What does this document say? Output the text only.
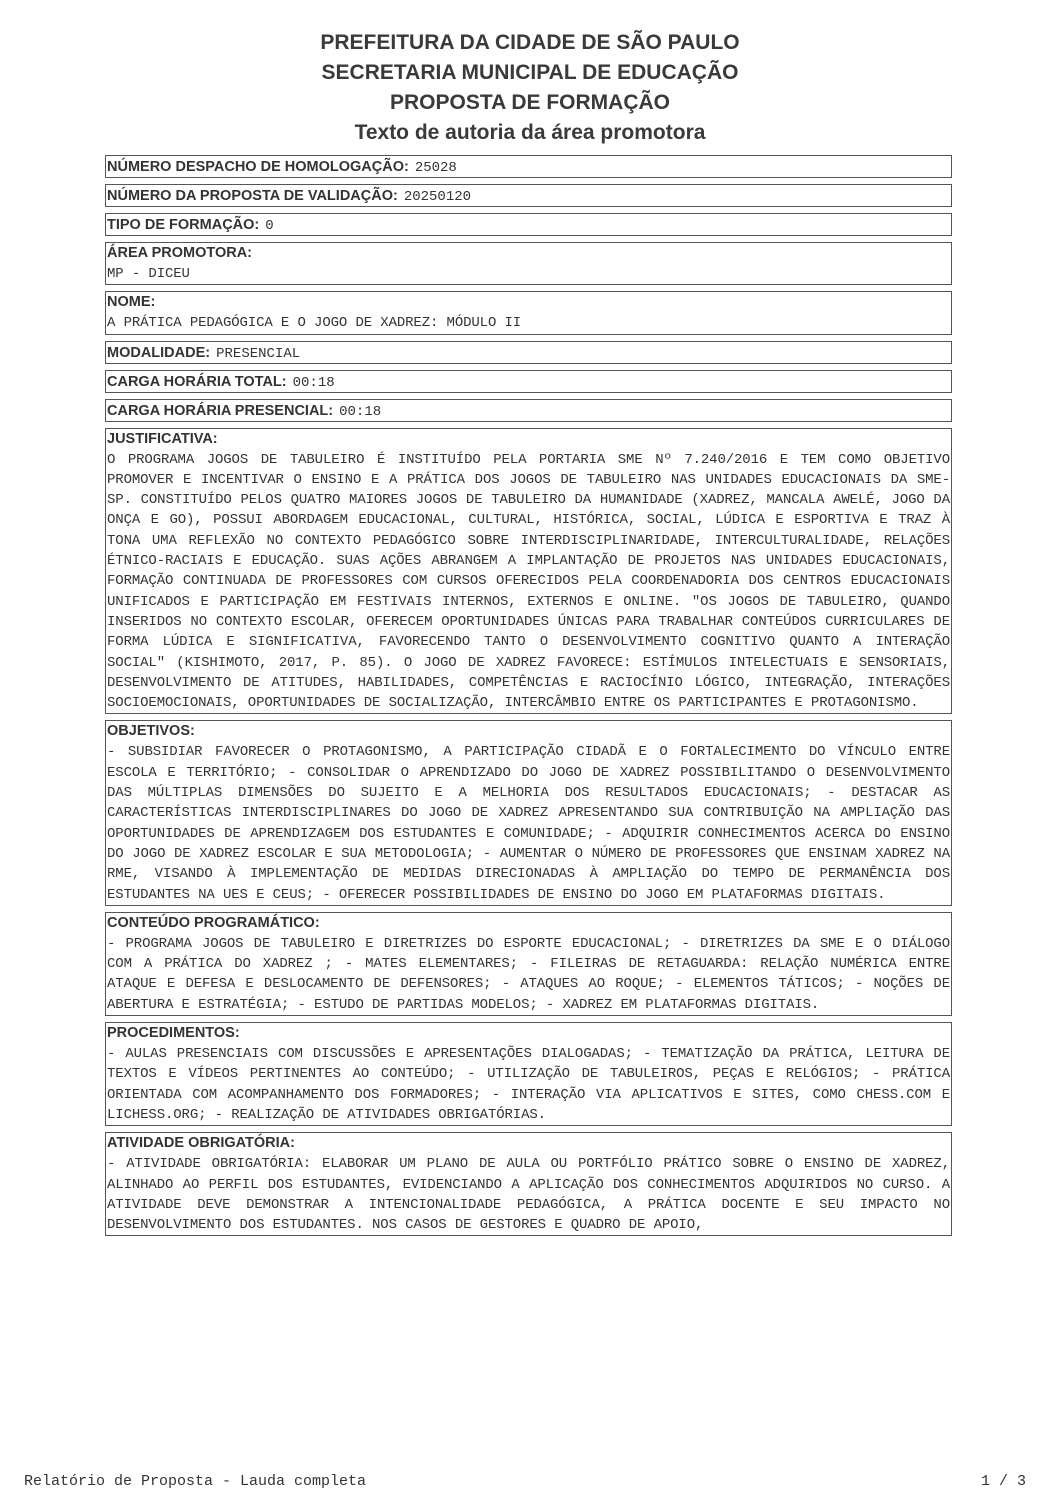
PREFEITURA DA CIDADE DE SÃO PAULO
SECRETARIA MUNICIPAL DE EDUCAÇÃO
PROPOSTA DE FORMAÇÃO
Texto de autoria da área promotora
NÚMERO DESPACHO DE HOMOLOGAÇÃO: 25028
NÚMERO DA PROPOSTA DE VALIDAÇÃO: 20250120
TIPO DE FORMAÇÃO: 0
ÁREA PROMOTORA:
MP - DICEU
NOME:
A PRÁTICA PEDAGÓGICA E O JOGO DE XADREZ: MÓDULO II
MODALIDADE: PRESENCIAL
CARGA HORÁRIA TOTAL: 00:18
CARGA HORÁRIA PRESENCIAL: 00:18
JUSTIFICATIVA:
O PROGRAMA JOGOS DE TABULEIRO É INSTITUÍDO PELA PORTARIA SME Nº 7.240/2016 E TEM COMO OBJETIVO PROMOVER E INCENTIVAR O ENSINO E A PRÁTICA DOS JOGOS DE TABULEIRO NAS UNIDADES EDUCACIONAIS DA SME-SP. CONSTITUÍDO PELOS QUATRO MAIORES JOGOS DE TABULEIRO DA HUMANIDADE (XADREZ, MANCALA AWELÉ, JOGO DA ONÇA E GO), POSSUI ABORDAGEM EDUCACIONAL, CULTURAL, HISTÓRICA, SOCIAL, LÚDICA E ESPORTIVA E TRAZ À TONA UMA REFLEXÃO NO CONTEXTO PEDAGÓGICO SOBRE INTERDISCIPLINARIDADE, INTERCULTURALIDADE, RELAÇÕES ÉTNICO-RACIAIS E EDUCAÇÃO. SUAS AÇÕES ABRANGEM A IMPLANTAÇÃO DE PROJETOS NAS UNIDADES EDUCACIONAIS, FORMAÇÃO CONTINUADA DE PROFESSORES COM CURSOS OFERECIDOS PELA COORDENADORIA DOS CENTROS EDUCACIONAIS UNIFICADOS E PARTICIPAÇÃO EM FESTIVAIS INTERNOS, EXTERNOS E ONLINE. "OS JOGOS DE TABULEIRO, QUANDO INSERIDOS NO CONTEXTO ESCOLAR, OFERECEM OPORTUNIDADES ÚNICAS PARA TRABALHAR CONTEÚDOS CURRICULARES DE FORMA LÚDICA E SIGNIFICATIVA, FAVORECENDO TANTO O DESENVOLVIMENTO COGNITIVO QUANTO A INTERAÇÃO SOCIAL" (KISHIMOTO, 2017, P. 85). O JOGO DE XADREZ FAVORECE: ESTÍMULOS INTELECTUAIS E SENSORIAIS, DESENVOLVIMENTO DE ATITUDES, HABILIDADES, COMPETÊNCIAS E RACIOCÍNIO LÓGICO, INTEGRAÇÃO, INTERAÇÕES SOCIOEMOCIONAIS, OPORTUNIDADES DE SOCIALIZAÇÃO, INTERCÂMBIO ENTRE OS PARTICIPANTES E PROTAGONISMO.
OBJETIVOS:
- SUBSIDIAR FAVORECER O PROTAGONISMO, A PARTICIPAÇÃO CIDADÃ E O FORTALECIMENTO DO VÍNCULO ENTRE ESCOLA E TERRITÓRIO; - CONSOLIDAR O APRENDIZADO DO JOGO DE XADREZ POSSIBILITANDO O DESENVOLVIMENTO DAS MÚLTIPLAS DIMENSÕES DO SUJEITO E A MELHORIA DOS RESULTADOS EDUCACIONAIS; - DESTACAR AS CARACTERÍSTICAS INTERDISCIPLINARES DO JOGO DE XADREZ APRESENTANDO SUA CONTRIBUIÇÃO NA AMPLIAÇÃO DAS OPORTUNIDADES DE APRENDIZAGEM DOS ESTUDANTES E COMUNIDADE; - ADQUIRIR CONHECIMENTOS ACERCA DO ENSINO DO JOGO DE XADREZ ESCOLAR E SUA METODOLOGIA; - AUMENTAR O NÚMERO DE PROFESSORES QUE ENSINAM XADREZ NA RME, VISANDO À IMPLEMENTAÇÃO DE MEDIDAS DIRECIONADAS À AMPLIAÇÃO DO TEMPO DE PERMANÊNCIA DOS ESTUDANTES NA UES E CEUS; - OFERECER POSSIBILIDADES DE ENSINO DO JOGO EM PLATAFORMAS DIGITAIS.
CONTEÚDO PROGRAMÁTICO:
- PROGRAMA JOGOS DE TABULEIRO E DIRETRIZES DO ESPORTE EDUCACIONAL; - DIRETRIZES DA SME E O DIÁLOGO COM A PRÁTICA DO XADREZ ; - MATES ELEMENTARES; - FILEIRAS DE RETAGUARDA: RELAÇÃO NUMÉRICA ENTRE ATAQUE E DEFESA E DESLOCAMENTO DE DEFENSORES; - ATAQUES AO ROQUE; - ELEMENTOS TÁTICOS; - NOÇÕES DE ABERTURA E ESTRATÉGIA; - ESTUDO DE PARTIDAS MODELOS; - XADREZ EM PLATAFORMAS DIGITAIS.
PROCEDIMENTOS:
- AULAS PRESENCIAIS COM DISCUSSÕES E APRESENTAÇÕES DIALOGADAS; - TEMATIZAÇÃO DA PRÁTICA, LEITURA DE TEXTOS E VÍDEOS PERTINENTES AO CONTEÚDO; - UTILIZAÇÃO DE TABULEIROS, PEÇAS E RELÓGIOS; - PRÁTICA ORIENTADA COM ACOMPANHAMENTO DOS FORMADORES; - INTERAÇÃO VIA APLICATIVOS E SITES, COMO CHESS.COM E LICHESS.ORG; - REALIZAÇÃO DE ATIVIDADES OBRIGATÓRIAS.
ATIVIDADE OBRIGATÓRIA:
- ATIVIDADE OBRIGATÓRIA: ELABORAR UM PLANO DE AULA OU PORTFÓLIO PRÁTICO SOBRE O ENSINO DE XADREZ, ALINHADO AO PERFIL DOS ESTUDANTES, EVIDENCIANDO A APLICAÇÃO DOS CONHECIMENTOS ADQUIRIDOS NO CURSO. A ATIVIDADE DEVE DEMONSTRAR A INTENCIONALIDADE PEDAGÓGICA, A PRÁTICA DOCENTE E SEU IMPACTO NO DESENVOLVIMENTO DOS ESTUDANTES. NOS CASOS DE GESTORES E QUADRO DE APOIO,
Relatório de Proposta - Lauda completa	1 / 3
